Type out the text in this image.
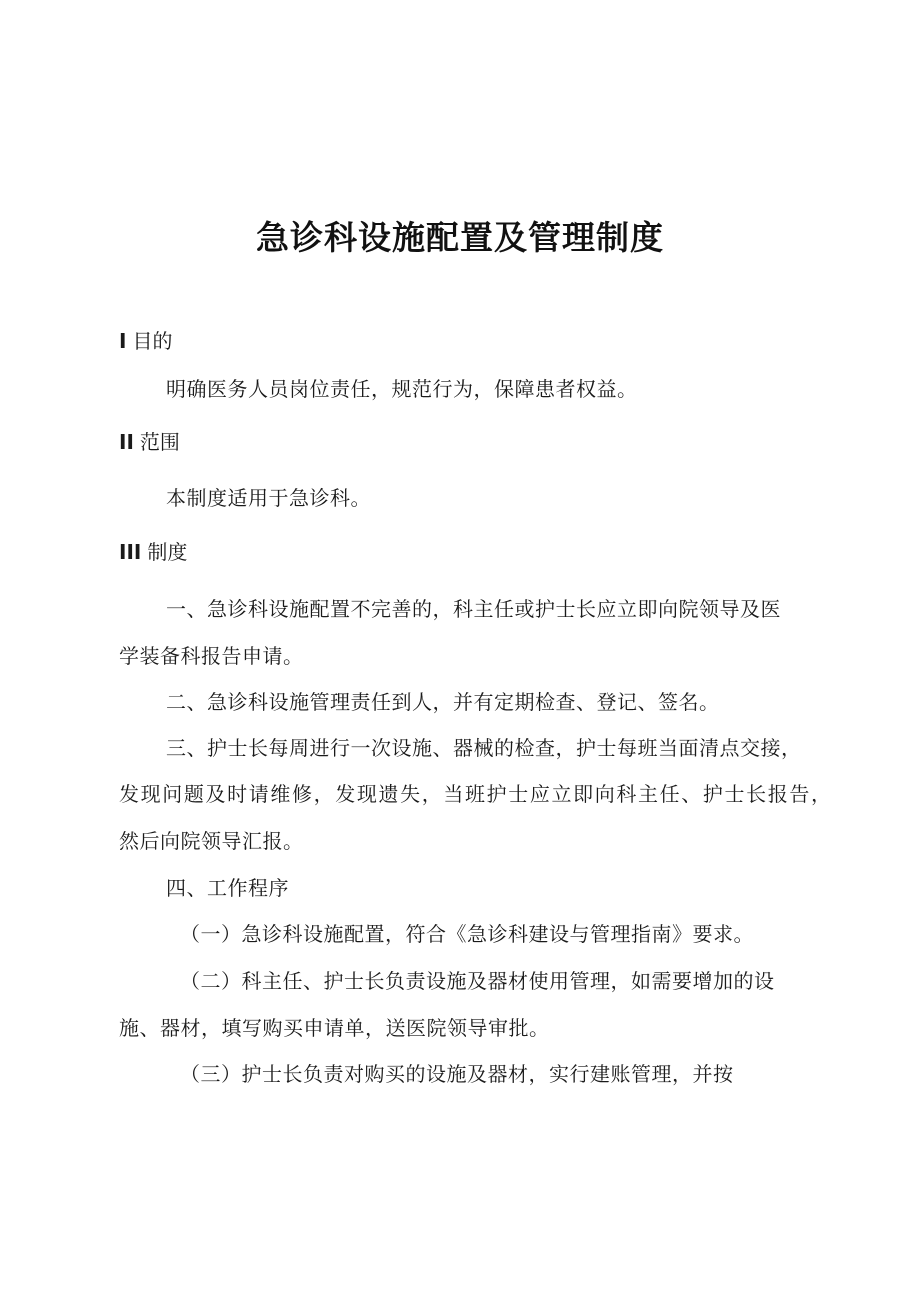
急诊科设施配置及管理制度
I 目的
明确医务人员岗位责任，规范行为，保障患者权益。
II 范围
本制度适用于急诊科。
III 制度
一、急诊科设施配置不完善的，科主任或护士长应立即向院领导及医
学装备科报告申请。
二、急诊科设施管理责任到人，并有定期检查、登记、签名。
三、护士长每周进行一次设施、器械的检查，护士每班当面清点交接，
发现问题及时请维修，发现遗失，当班护士应立即向科主任、护士长报告，
然后向院领导汇报。
四、工作程序
（一）急诊科设施配置，符合《急诊科建设与管理指南》要求。
（二）科主任、护士长负责设施及器材使用管理，如需要增加的设
施、器材，填写购买申请单，送医院领导审批。
（三）护士长负责对购买的设施及器材，实行建账管理，并按
